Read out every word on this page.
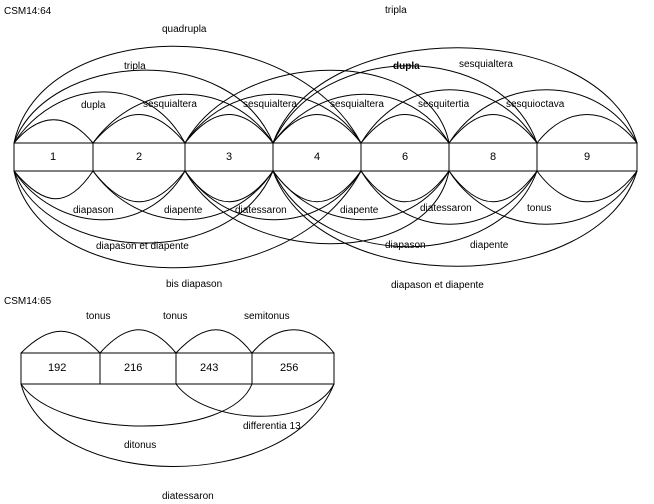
CSM14:64
1	2	3	4	6	8	9
quadrupla
tripla
tripla	dupla	sesquialtera
dupla	sesquialtera	sesquialtera	sesquialtera	sesquitertia	sesquioctava
diapason	diapente	diatessaron	diapente	diatessaron	tonus
diapason et diapente	diapason	diapente
bis diapason	diapason et diapente
CSM14:65
192	216	243	256
tonus	tonus	semitonus
differentia 13
ditonus
diatessaron
